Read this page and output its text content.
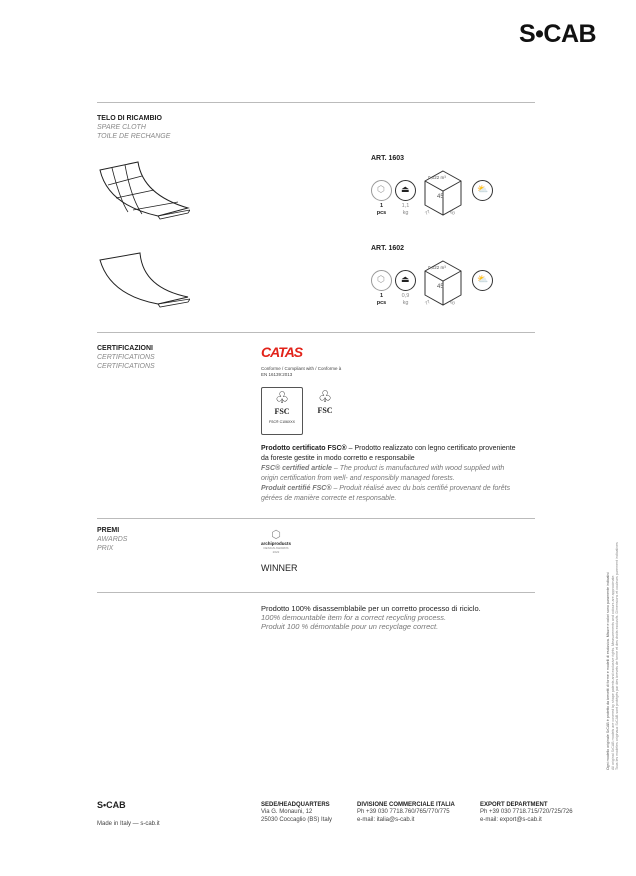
S•CAB
TELO DI RICAMBIO
SPARE CLOTH
TOILE DE RECHANGE
ART. 1603
⬡ ⏏
1
pcs
1,1
kg
0,022 m³
45
77	60
⛅
ART. 1602
⬡ ⏏
1
pcs
0,9
kg
0,022 m³
45
77	60
⛅
CERTIFICAZIONI
CERTIFICATIONS
CERTIFICATIONS
CATAS
Conforme / Compliant with / Conforme à
EN 16139:2013
♧
FSC
FSC® C106XXX
♧
FSC
Prodotto certificato FSC® – Prodotto realizzato con legno certificato proveniente da foreste gestite in modo corretto e responsabile
FSC® certified article – The product is manufactured with wood supplied with origin certification from well- and responsibly managed forests.
Produit certifié FSC® – Produit réalisé avec du bois certifié provenant de forêts gérées de manière correcte et responsable.
PREMI
AWARDS
PRIX
⬡
archiproducts
DESIGN AWARDS
2022
WINNER
Prodotto 100% disassemblabile per un corretto processo di riciclo.
100% demountable item for a correct recycling process.
Produit 100 % démontable pour un recyclage correct.	Ogni modello originale S•CAB è protetto da brevetti di forme e modelli di esclusiva. Misure e colori sono puramente indicativi All original S•CAB models are covered by shape patents and exclusive rights. Measurements and colours are approximate. Tous les modèles originaux S•CAB sont protégés par des brevets de forme et des droits exclusifs. Dimensions et couleurs purement indicatives
S•CAB
Made in Italy — s-cab.it
SEDE/HEADQUARTERS
Via G. Monauni, 12
25030 Coccaglio (BS) Italy
DIVISIONE COMMERCIALE ITALIA
Ph +39 030 7718.760/765/770/775
e-mail: italia@s-cab.it
EXPORT DEPARTMENT
Ph +39 030 7718.715/720/725/726
e-mail: export@s-cab.it
